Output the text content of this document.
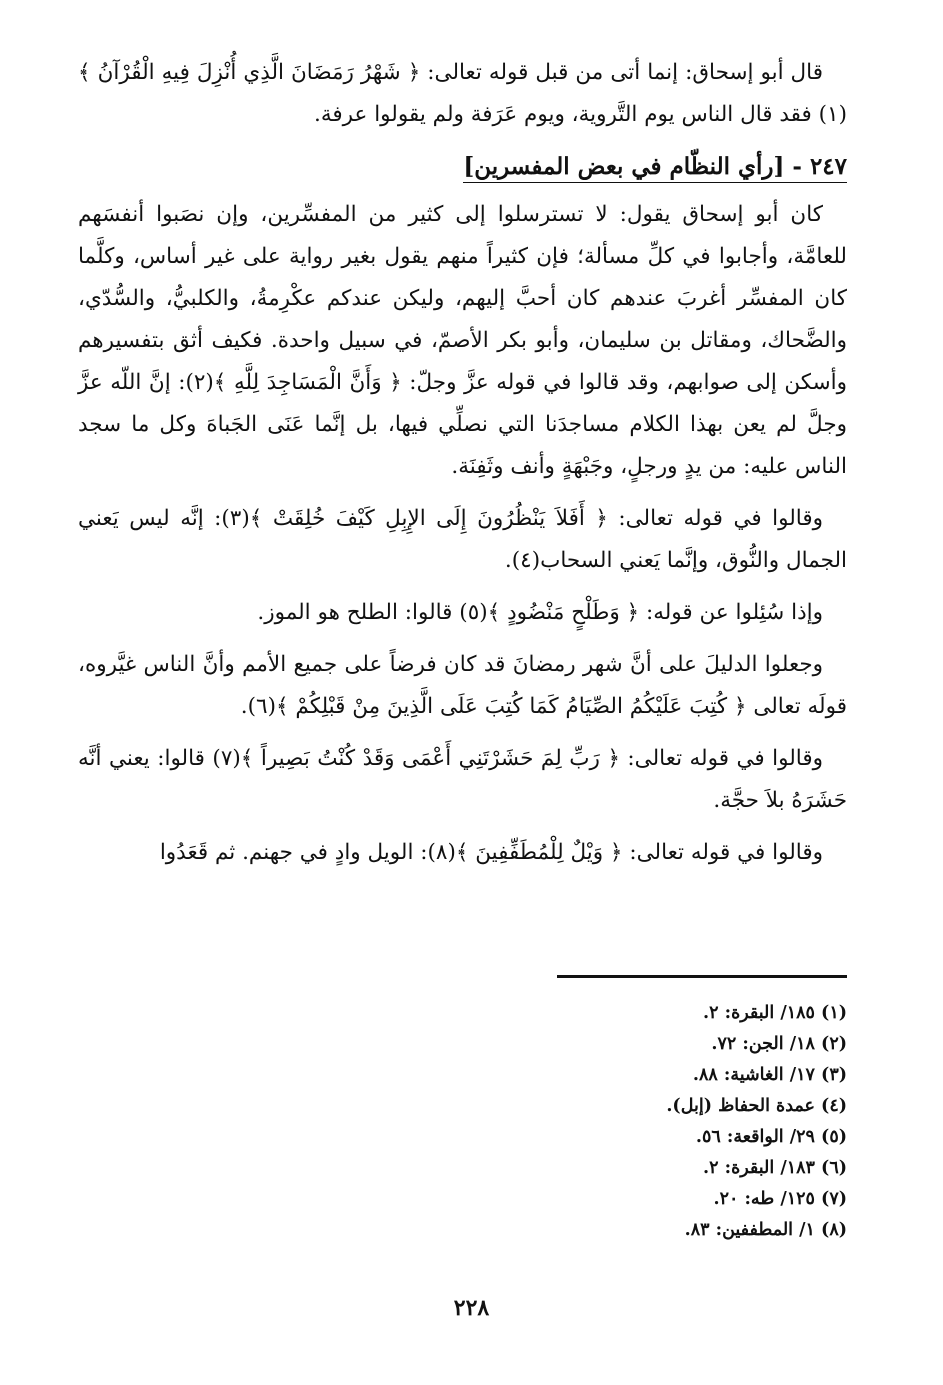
قال أبو إسحاق: إنما أتى من قبل قوله تعالى: ﴿ شَهْرُ رَمَضَانَ الَّذِي أُنْزِلَ فِيهِ الْقُرْآنُ ﴾(١) فقد قال الناس يوم التَّروية، ويوم عَرَفة ولم يقولوا عرفة.

٢٤٧ - [رأي النظّام في بعض المفسرين]

كان أبو إسحاق يقول: لا تسترسلوا إلى كثير من المفسِّرين، وإن نصَبوا أنفسَهم للعامَّة، وأجابوا في كلِّ مسألة؛ فإن كثيراً منهم يقول بغير رواية على غير أساس، وكلَّما كان المفسِّر أغربَ عندهم كان أحبَّ إليهم، وليكن عندكم عكْرِمةُ، والكلبيُّ، والسُّدّي، والضَّحاك، ومقاتل بن سليمان، وأبو بكر الأصمّ، في سبيل واحدة. فكيف أثق بتفسيرهم وأسكن إلى صوابهم، وقد قالوا في قوله عزَّ وجلّ: ﴿ وَأَنَّ الْمَسَاجِدَ لِلَّهِ ﴾(٢): إنَّ اللّه عزَّ وجلَّ لم يعن بهذا الكلام مساجدَنا التي نصلِّي فيها، بل إنَّما عَنَى الجَباهَ وكل ما سجد الناس عليه: من يدٍ ورجلٍ، وجَبْهَةٍ وأنف وثَفِنَة.

وقالوا في قوله تعالى: ﴿ أَفَلاَ يَنْظُرُونَ إِلَى الإِبِلِ كَيْفَ خُلِقَتْ ﴾(٣): إنَّه ليس يَعني الجمال والنُّوق، وإنَّما يَعني السحاب(٤).

وإذا سُئِلوا عن قوله: ﴿ وَطَلْحٍ مَنْضُودٍ ﴾(٥) قالوا: الطلح هو الموز.

وجعلوا الدليلَ على أنَّ شهر رمضانَ قد كان فرضاً على جميع الأمم وأنَّ الناس غيَّروه، قولَه تعالى ﴿ كُتِبَ عَلَيْكُمُ الصِّيَامُ كَمَا كُتِبَ عَلَى الَّذِينَ مِنْ قَبْلِكُمْ ﴾(٦).

وقالوا في قوله تعالى: ﴿ رَبِّ لِمَ حَشَرْتَنِي أَعْمَى وَقَدْ كُنْتُ بَصِيراً ﴾(٧) قالوا: يعني أنَّه حَشَرَهُ بلاَ حجَّة.

وقالوا في قوله تعالى: ﴿ وَيْلٌ لِلْمُطَفِّفِينَ ﴾(٨): الويل وادٍ في جهنم. ثم قَعَدُوا

(١) ١٨٥/ البقرة: ٢.
(٢) ١٨/ الجن: ٧٢.
(٣) ١٧/ الغاشية: ٨٨.
(٤) عمدة الحفاظ (إبل).
(٥) ٢٩/ الواقعة: ٥٦.
(٦) ١٨٣/ البقرة: ٢.
(٧) ١٢٥/ طه: ٢٠.
(٨) ١/ المطففين: ٨٣.
٢٢٨
